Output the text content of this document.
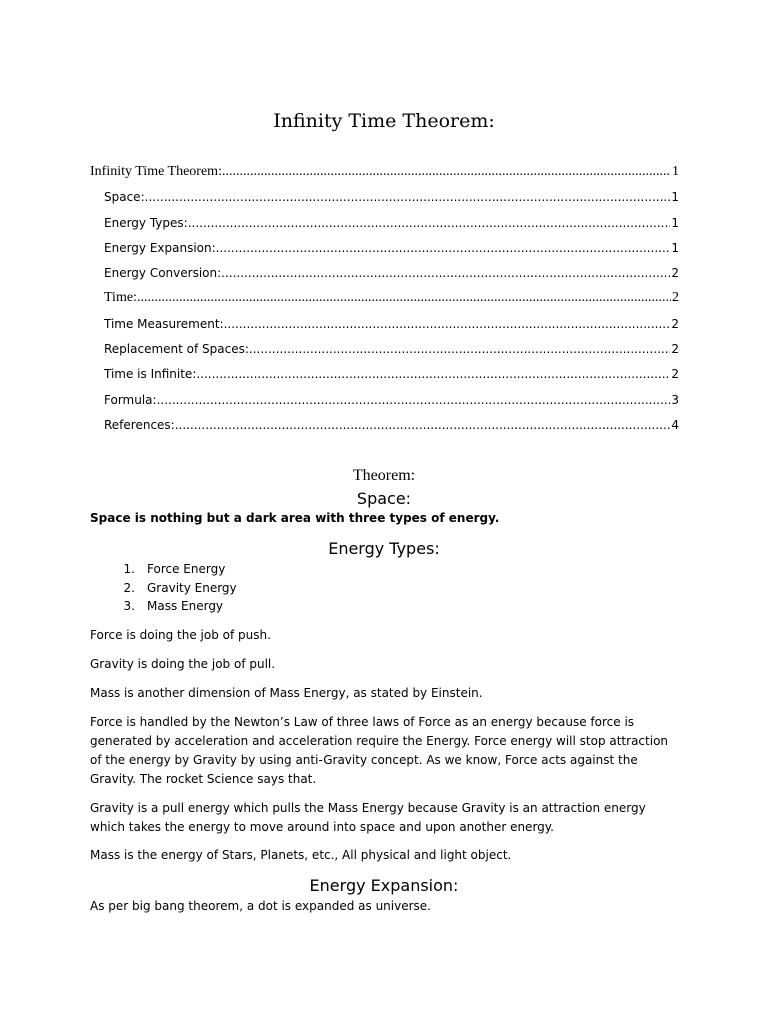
Infinity Time Theorem:
Infinity Time Theorem: .....	1
Space: .....	1
Energy Types: .....	1
Energy Expansion: .....	1
Energy Conversion: .....	2
Time: .....	2
Time Measurement: .....	2
Replacement of Spaces: .....	2
Time is Infinite: .....	2
Formula: .....	3
References: .....	4
Theorem:
Space:
Space is nothing but a dark area with three types of energy.
Energy Types:
1. Force Energy
2. Gravity Energy
3. Mass Energy
Force is doing the job of push.
Gravity is doing the job of pull.
Mass is another dimension of Mass Energy, as stated by Einstein.
Force is handled by the Newton’s Law of three laws of Force as an energy because force is generated by acceleration and acceleration require the Energy. Force energy will stop attraction of the energy by Gravity by using anti-Gravity concept. As we know, Force acts against the Gravity. The rocket Science says that.
Gravity is a pull energy which pulls the Mass Energy because Gravity is an attraction energy which takes the energy to move around into space and upon another energy.
Mass is the energy of Stars, Planets, etc., All physical and light object.
Energy Expansion:
As per big bang theorem, a dot is expanded as universe.
